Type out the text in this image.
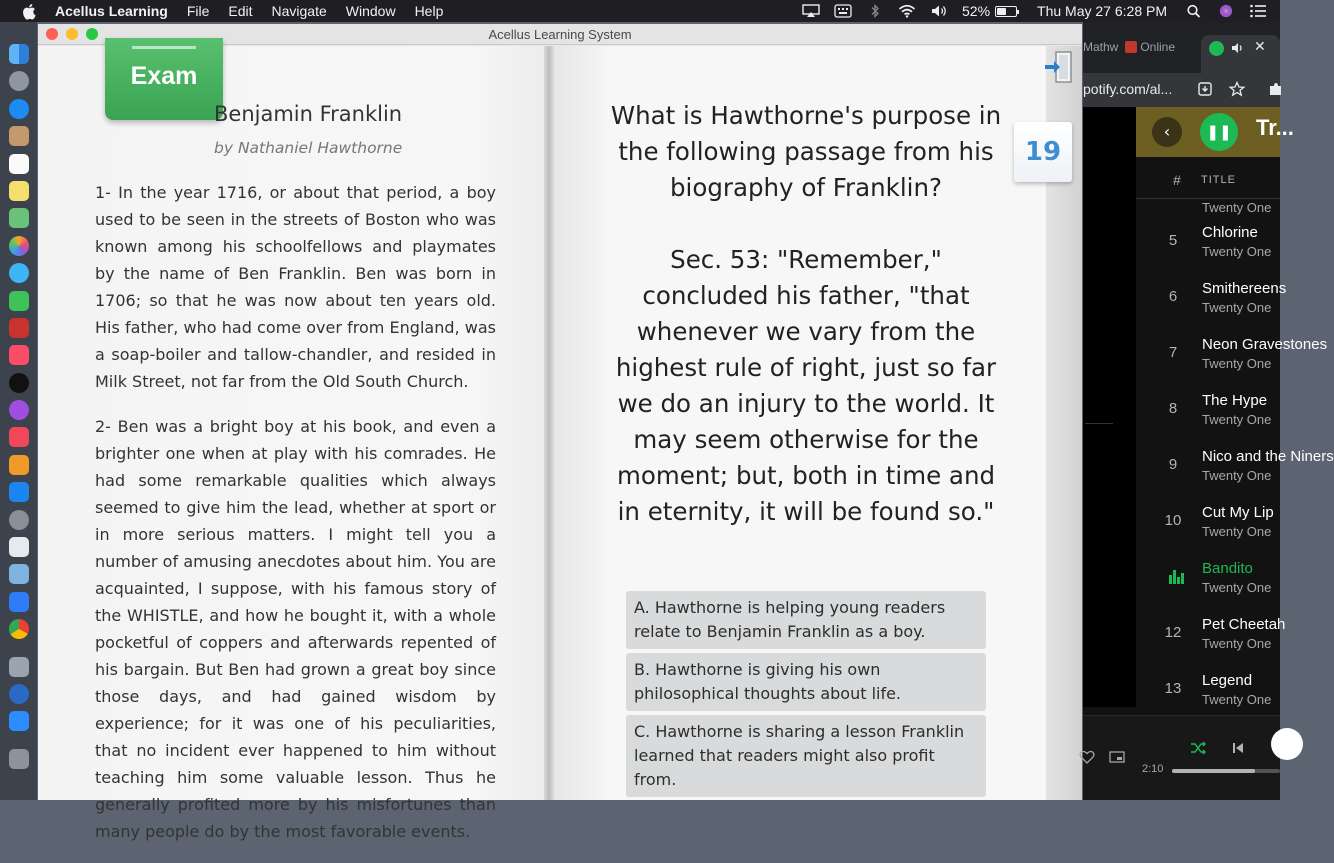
Acellus Learning File Edit Navigate Window Help	52%	Thu May 27 6:28 PM
Acellus Learning System
Exam
Benjamin Franklin
by Nathaniel Hawthorne

1- In the year 1716, or about that period, a boy used to be seen in the streets of Boston who was known among his schoolfellows and playmates by the name of Ben Franklin. Ben was born in 1706; so that he was now about ten years old. His father, who had come over from England, was a soap-boiler and tallow-chandler, and resided in Milk Street, not far from the Old South Church.

2- Ben was a bright boy at his book, and even a brighter one when at play with his comrades. He had some remarkable qualities which always seemed to give him the lead, whether at sport or in more serious matters. I might tell you a number of amusing anecdotes about him. You are acquainted, I suppose, with his famous story of the WHISTLE, and how he bought it, with a whole pocketful of coppers and afterwards repented of his bargain. But Ben had grown a great boy since those days, and had gained wisdom by experience; for it was one of his peculiarities, that no incident ever happened to him without teaching him some valuable lesson. Thus he generally profited more by his misfortunes than many people do by the most favorable events.

What is Hawthorne's purpose in the following passage from his biography of Franklin?
Sec. 53: "Remember," concluded his father, "that whenever we vary from the highest rule of right, just so far we do an injury to the world. It may seem otherwise for the moment; but, both in time and in eternity, it will be found so."
A. Hawthorne is helping young readers relate to Benjamin Franklin as a boy.
B. Hawthorne is giving his own philosophical thoughts about life.
C. Hawthorne is sharing a lesson Franklin learned that readers might also profit from.
19
Mathw	Online	✕
potify.com/al...
‹	❚❚ Tr...
# TITLE
Twenty One
5	Chlorine
Twenty One
6	Smithereens
Twenty One
7	Neon Gravestones
Twenty One
8	The Hype
Twenty One
9	Nico and the Niners
Twenty One
10	Cut My Lip
Twenty One
Bandito
Twenty One
12	Pet Cheetah
Twenty One
13	Legend
Twenty One
2:10
